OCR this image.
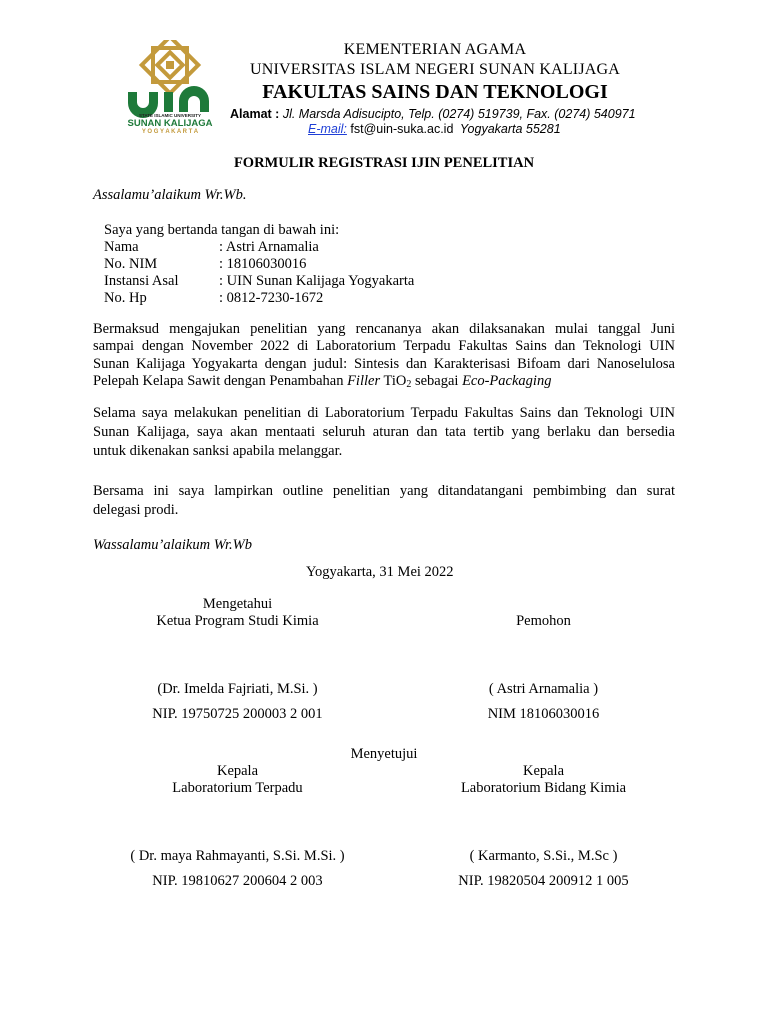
STATE ISLAMIC UNIVERSITY
SUNAN KALIJAGA
Y O G Y A K A R T A
KEMENTERIAN AGAMA
UNIVERSITAS ISLAM NEGERI SUNAN KALIJAGA
FAKULTAS SAINS DAN TEKNOLOGI
Alamat : Jl. Marsda Adisucipto, Telp. (0274) 519739, Fax. (0274) 540971
E-mail: fst@uin-suka.ac.id Yogyakarta 55281
FORMULIR REGISTRASI IJIN PENELITIAN
Assalamu’alaikum Wr.Wb.
Saya yang bertanda tangan di bawah ini:
Nama	: Astri Arnamalia
No. NIM	: 18106030016
Instansi Asal	: UIN Sunan Kalijaga Yogyakarta
No. Hp	: 0812-7230-1672
Bermaksud mengajukan penelitian yang rencananya akan dilaksanakan mulai tanggal Juni
sampai dengan November 2022 di Laboratorium Terpadu Fakultas Sains dan Teknologi UIN
Sunan Kalijaga Yogyakarta dengan judul: Sintesis dan Karakterisasi Bifoam dari Nanoselulosa
Pelepah Kelapa Sawit dengan Penambahan Filler TiO$_2$ sebagai Eco-Packaging
Selama saya melakukan penelitian di Laboratorium Terpadu Fakultas Sains dan Teknologi UIN
Sunan Kalijaga, saya akan mentaati seluruh aturan dan tata tertib yang berlaku dan bersedia
untuk dikenakan sanksi apabila melanggar.
Bersama ini saya lampirkan outline penelitian yang ditandatangani pembimbing dan surat
delegasi prodi.
Wassalamu’alaikum Wr.Wb
Yogyakarta, 31 Mei 2022
Mengetahui
Ketua Program Studi Kimia	Pemohon
(Dr. Imelda Fajriati, M.Si. )	( Astri Arnamalia )
NIP. 19750725 200003 2 001	NIM 18106030016
Menyetujui
Kepala	Kepala
Laboratorium Terpadu	Laboratorium Bidang Kimia
( Dr. maya Rahmayanti, S.Si. M.Si. )	( Karmanto, S.Si., M.Sc )
NIP. 19810627 200604 2 003	NIP. 19820504 200912 1 005
